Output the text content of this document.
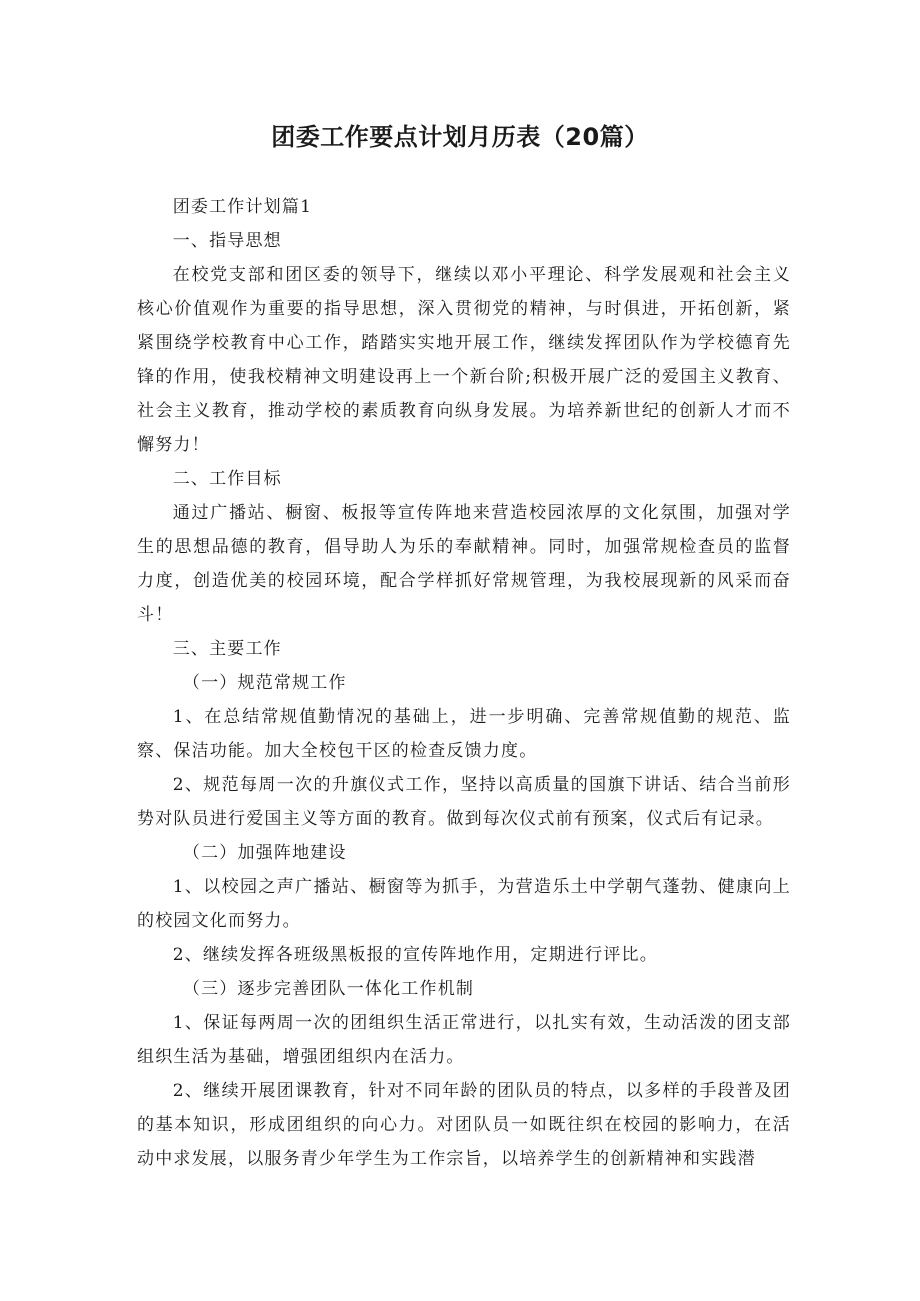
团委工作要点计划月历表（20篇）

团委工作计划篇1

一、指导思想

在校党支部和团区委的领导下，继续以邓小平理论、科学发展观和社会主义核心价值观作为重要的指导思想，深入贯彻党的精神，与时俱进，开拓创新，紧紧围绕学校教育中心工作，踏踏实实地开展工作，继续发挥团队作为学校德育先锋的作用，使我校精神文明建设再上一个新台阶;积极开展广泛的爱国主义教育、社会主义教育，推动学校的素质教育向纵身发展。为培养新世纪的创新人才而不懈努力！

二、工作目标

通过广播站、橱窗、板报等宣传阵地来营造校园浓厚的文化氛围，加强对学生的思想品德的教育，倡导助人为乐的奉献精神。同时，加强常规检查员的监督力度，创造优美的校园环境，配合学样抓好常规管理，为我校展现新的风采而奋斗！

三、主要工作

（一）规范常规工作

1、在总结常规值勤情况的基础上，进一步明确、完善常规值勤的规范、监察、保洁功能。加大全校包干区的检查反馈力度。

2、规范每周一次的升旗仪式工作，坚持以高质量的国旗下讲话、结合当前形势对队员进行爱国主义等方面的教育。做到每次仪式前有预案，仪式后有记录。

（二）加强阵地建设

1、以校园之声广播站、橱窗等为抓手，为营造乐土中学朝气蓬勃、健康向上的校园文化而努力。

2、继续发挥各班级黑板报的宣传阵地作用，定期进行评比。

（三）逐步完善团队一体化工作机制

1、保证每两周一次的团组织生活正常进行，以扎实有效，生动活泼的团支部组织生活为基础，增强团组织内在活力。

2、继续开展团课教育，针对不同年龄的团队员的特点，以多样的手段普及团的基本知识，形成团组织的向心力。对团队员一如既往织在校园的影响力，在活动中求发展，以服务青少年学生为工作宗旨，以培养学生的创新精神和实践潜
